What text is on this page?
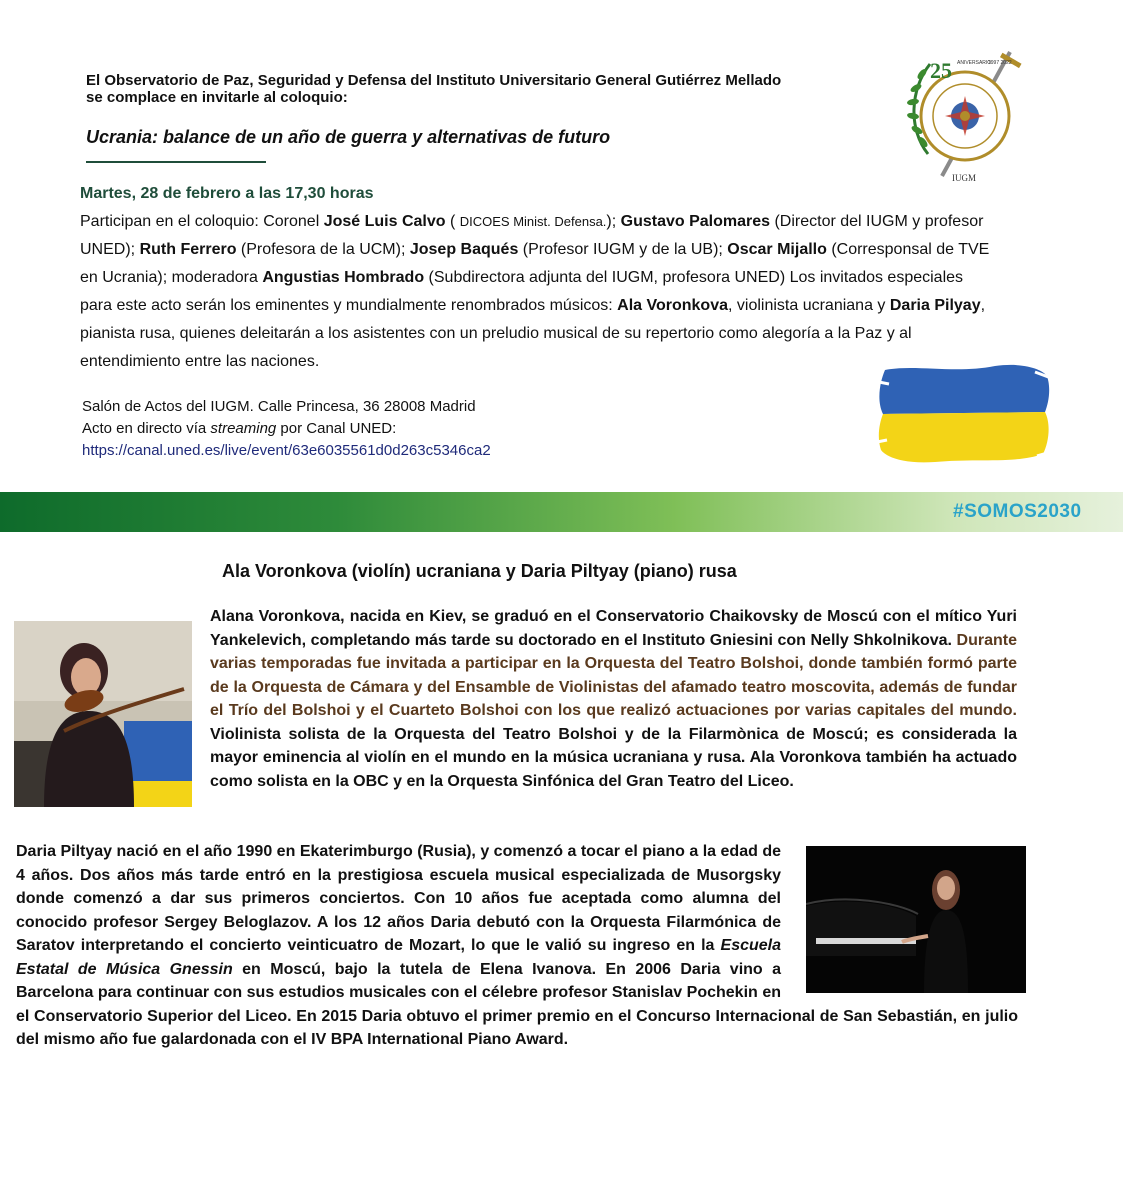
El Observatorio de Paz, Seguridad y Defensa del Instituto Universitario General Gutiérrez Mellado
se complace en invitarle al coloquio:
Ucrania: balance de un año de guerra y alternativas de futuro
Martes, 28 de febrero a las 17,30 horas
Participan en el coloquio: Coronel José Luis Calvo ( DICOES Minist. Defensa.); Gustavo Palomares (Director del IUGM y profesor UNED); Ruth Ferrero (Profesora de la UCM); Josep Baqués (Profesor IUGM y de la UB); Oscar Mijallo (Corresponsal de TVE en Ucrania); moderadora Angustias Hombrado (Subdirectora adjunta del IUGM, profesora UNED) Los invitados especiales para este acto serán los eminentes y mundialmente renombrados músicos: Ala Voronkova, violinista ucraniana y Daria Pilyay, pianista rusa, quienes deleitarán a los asistentes con un preludio musical de su repertorio como alegoría a la Paz y al entendimiento entre las naciones.
Salón de Actos del IUGM. Calle Princesa, 36 28008 Madrid
Acto en directo vía streaming por Canal UNED:
https://canal.uned.es/live/event/63e6035561d0d263c5346ca2
25 ANIVERSARIO
1997 2022
IUGM
#SOMOS2030
Ala Voronkova (violín) ucraniana y Daria Piltyay (piano) rusa
Alana Voronkova, nacida en Kiev, se graduó en el Conservatorio Chaikovsky de Moscú con el mítico Yuri Yankelevich, completando más tarde su doctorado en el Instituto Gniesini con Nelly Shkolnikova. Durante varias temporadas fue invitada a participar en la Orquesta del Teatro Bolshoi, donde también formó parte de la Orquesta de Cámara y del Ensamble de Violinistas del afamado teatro moscovita, además de fundar el Trío del Bolshoi y el Cuarteto Bolshoi con los que realizó actuaciones por varias capitales del mundo. Violinista solista de la Orquesta del Teatro Bolshoi y de la Filarmònica de Moscú; es considerada la mayor eminencia al violín en el mundo en la música ucraniana y rusa. Ala Voronkova también ha actuado como solista en la OBC y en la Orquesta Sinfónica del Gran Teatro del Liceo.
Daria Piltyay nació en el año 1990 en Ekaterimburgo (Rusia), y comenzó a tocar el piano a la edad de 4 años. Dos años más tarde entró en la prestigiosa escuela musical especializada de Musorgsky donde comenzó a dar sus primeros conciertos. Con 10 años fue aceptada como alumna del conocido profesor Sergey Beloglazov. A los 12 años Daria debutó con la Orquesta Filarmónica de Saratov interpretando el concierto veinticuatro de Mozart, lo que le valió su ingreso en la Escuela Estatal de Música Gnessin en Moscú, bajo la tutela de Elena Ivanova. En 2006 Daria vino a Barcelona para continuar con sus estudios musicales con el célebre profesor Stanislav Pochekin en el Conservatorio Superior del Liceo. En 2015 Daria obtuvo el primer premio en el Concurso Internacional de San Sebastián, en julio del mismo año fue galardonada con el IV BPA International Piano Award.
